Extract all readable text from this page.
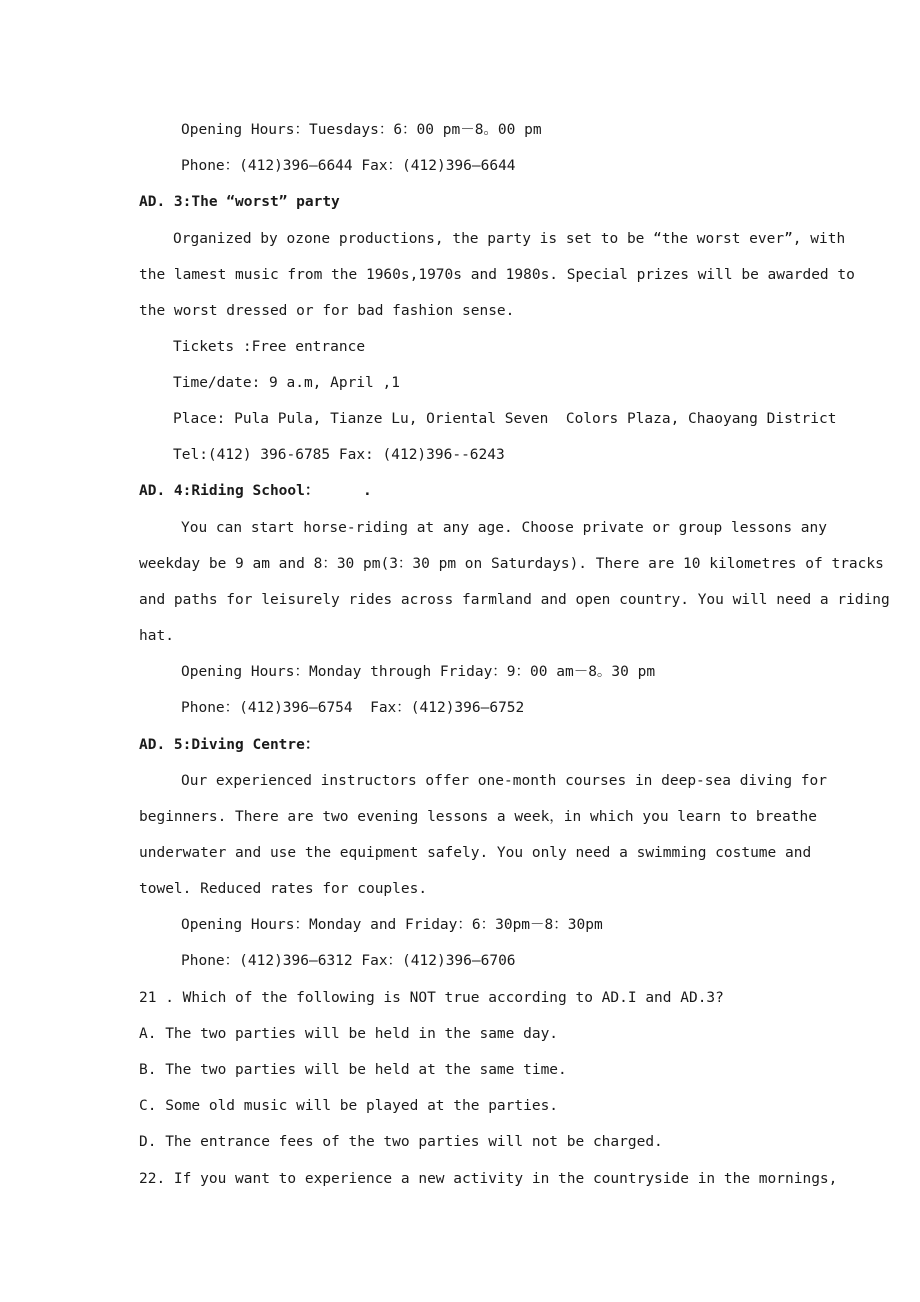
Opening Hours：Tuesdays：6：00 pm－8。00 pm
Phone：(412)396—6644 Fax：(412)396—6644
AD. 3:The “worst” party
Organized by ozone productions, the party is set to be “the worst ever”, with
the lamest music from the 1960s,1970s and 1980s. Special prizes will be awarded to
the worst dressed or for bad fashion sense.
Tickets :Free entrance
Time/date: 9 a.m, April ,1
Place: Pula Pula, Tianze Lu, Oriental Seven  Colors Plaza, Chaoyang District
Tel:(412) 396-6785 Fax: (412)396--6243
AD. 4:Riding School：     .
You can start horse-riding at any age. Choose private or group lessons any
weekday be 9 am and 8：30 pm(3：30 pm on Saturdays). There are 10 kilometres of tracks
and paths for leisurely rides across farmland and open country. You will need a riding
hat.
Opening Hours：Monday through Friday：9：00 am－8。30 pm
Phone：(412)396—6754  Fax：(412)396—6752
AD. 5:Diving Centre：
Our experienced instructors offer one-month courses in deep-sea diving for
beginners. There are two evening lessons a week，in which you learn to breathe
underwater and use the equipment safely. You only need a swimming costume and
towel. Reduced rates for couples.
Opening Hours：Monday and Friday：6：30pm－8：30pm
Phone：(412)396—6312 Fax：(412)396—6706
21 . Which of the following is NOT true according to AD.I and AD.3?
A. The two parties will be held in the same day.
B. The two parties will be held at the same time.
C. Some old music will be played at the parties.
D. The entrance fees of the two parties will not be charged.
22. If you want to experience a new activity in the countryside in the mornings,
